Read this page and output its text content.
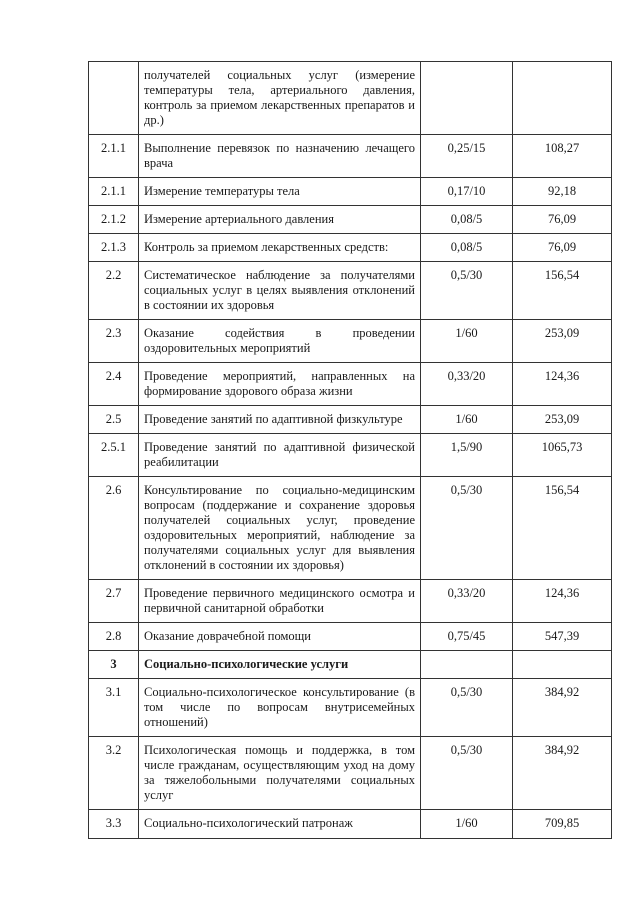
	получателей социальных услуг (измерение температуры тела, артериального давления, контроль за приемом лекарственных препаратов и др.)		
2.1.1	Выполнение перевязок по назначению лечащего врача	0,25/15	108,27
2.1.1	Измерение температуры тела	0,17/10	92,18
2.1.2	Измерение артериального давления	0,08/5	76,09
2.1.3	Контроль за приемом лекарственных средств:	0,08/5	76,09
2.2	Систематическое наблюдение за получателями социальных услуг в целях выявления отклонений в состоянии их здоровья	0,5/30	156,54
2.3	Оказание содействия в проведении оздоровительных мероприятий	1/60	253,09
2.4	Проведение мероприятий, направленных на формирование здорового образа жизни	0,33/20	124,36
2.5	Проведение занятий по адаптивной физкультуре	1/60	253,09
2.5.1	Проведение занятий по адаптивной физической реабилитации	1,5/90	1065,73
2.6	Консультирование по социально-медицинским вопросам (поддержание и сохранение здоровья получателей социальных услуг, проведение оздоровительных мероприятий, наблюдение за получателями социальных услуг для выявления отклонений в состоянии их здоровья)	0,5/30	156,54
2.7	Проведение первичного медицинского осмотра и первичной санитарной обработки	0,33/20	124,36
2.8	Оказание доврачебной помощи	0,75/45	547,39
3	Социально-психологические услуги		
3.1	Социально-психологическое консультирование (в том числе по вопросам внутрисемейных отношений)	0,5/30	384,92
3.2	Психологическая помощь и поддержка, в том числе гражданам, осуществляющим уход на дому за тяжелобольными получателями социальных услуг	0,5/30	384,92
3.3	Социально-психологический патронаж	1/60	709,85
